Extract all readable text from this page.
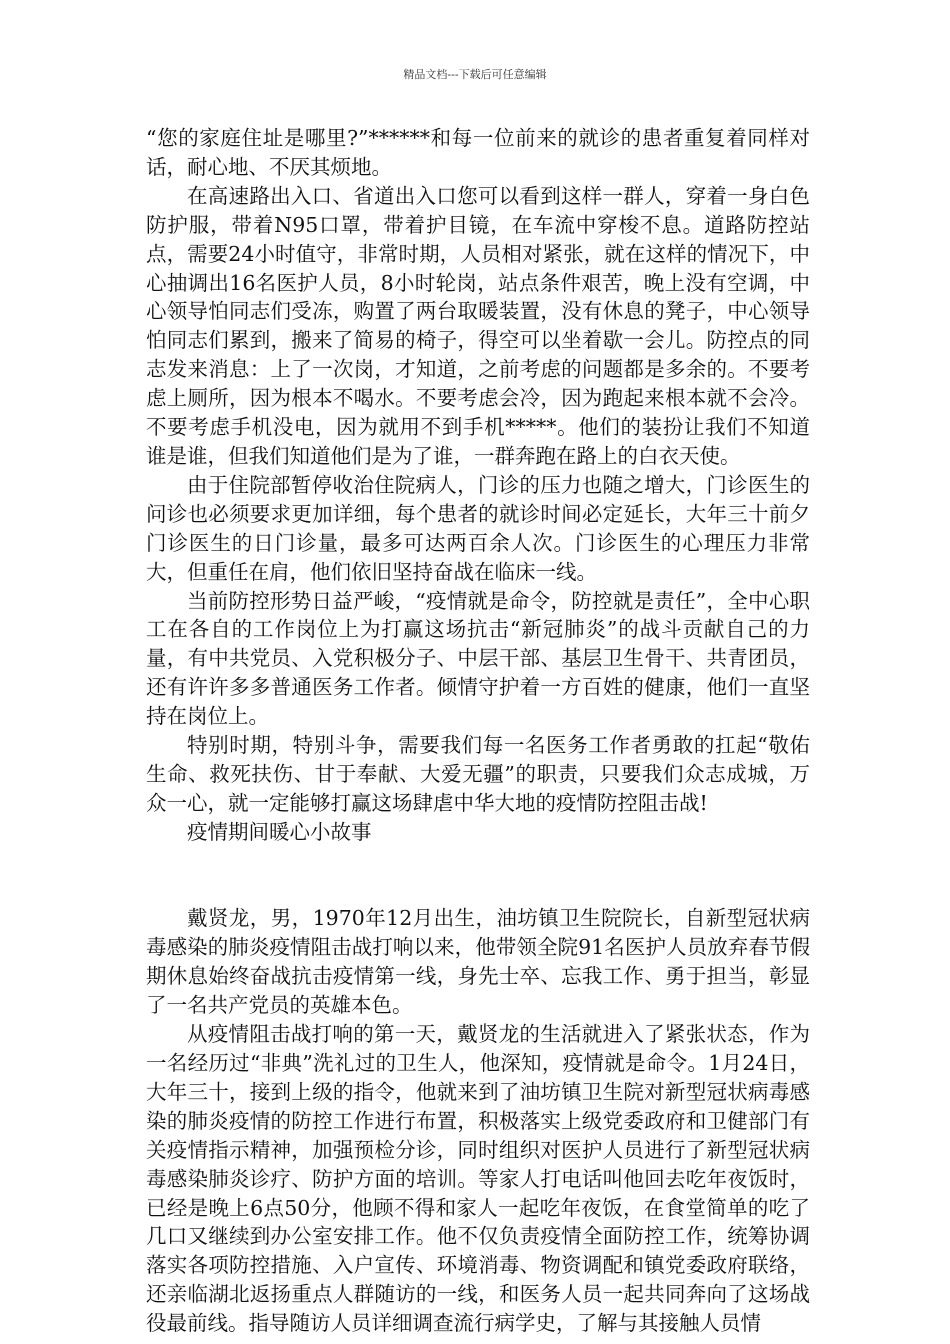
精品文档---下载后可任意编辑

“您的家庭住址是哪里?”******和每一位前来的就诊的患者重复着同样对话，耐心地、不厌其烦地。

在高速路出入口、省道出入口您可以看到这样一群人，穿着一身白色防护服，带着N95口罩，带着护目镜，在车流中穿梭不息。道路防控站点，需要24小时值守，非常时期，人员相对紧张，就在这样的情况下，中心抽调出16名医护人员，8小时轮岗，站点条件艰苦，晚上没有空调，中心领导怕同志们受冻，购置了两台取暖装置，没有休息的凳子，中心领导怕同志们累到，搬来了简易的椅子，得空可以坐着歇一会儿。防控点的同志发来消息：上了一次岗，才知道，之前考虑的问题都是多余的。不要考虑上厕所，因为根本不喝水。不要考虑会冷，因为跑起来根本就不会冷。不要考虑手机没电，因为就用不到手机*****。他们的装扮让我们不知道谁是谁，但我们知道他们是为了谁，一群奔跑在路上的白衣天使。

由于住院部暂停收治住院病人，门诊的压力也随之增大，门诊医生的问诊也必须要求更加详细，每个患者的就诊时间必定延长，大年三十前夕门诊医生的日门诊量，最多可达两百余人次。门诊医生的心理压力非常大，但重任在肩，他们依旧坚持奋战在临床一线。

当前防控形势日益严峻，“疫情就是命令，防控就是责任”，全中心职工在各自的工作岗位上为打赢这场抗击“新冠肺炎”的战斗贡献自己的力量，有中共党员、入党积极分子、中层干部、基层卫生骨干、共青团员，还有许许多多普通医务工作者。倾情守护着一方百姓的健康，他们一直坚持在岗位上。

特别时期，特别斗争，需要我们每一名医务工作者勇敢的扛起“敬佑生命、救死扶伤、甘于奉献、大爱无疆”的职责，只要我们众志成城，万众一心，就一定能够打赢这场肆虐中华大地的疫情防控阻击战!

疫情期间暖心小故事

戴贤龙，男，1970年12月出生，油坊镇卫生院院长，自新型冠状病毒感染的肺炎疫情阻击战打响以来，他带领全院91名医护人员放弃春节假期休息始终奋战抗击疫情第一线，身先士卒、忘我工作、勇于担当，彰显了一名共产党员的英雄本色。

从疫情阻击战打响的第一天，戴贤龙的生活就进入了紧张状态，作为一名经历过“非典”洗礼过的卫生人，他深知，疫情就是命令。1月24日，大年三十，接到上级的指令，他就来到了油坊镇卫生院对新型冠状病毒感染的肺炎疫情的防控工作进行布置，积极落实上级党委政府和卫健部门有关疫情指示精神，加强预检分诊，同时组织对医护人员进行了新型冠状病毒感染肺炎诊疗、防护方面的培训。等家人打电话叫他回去吃年夜饭时，已经是晚上6点50分，他顾不得和家人一起吃年夜饭，在食堂简单的吃了几口又继续到办公室安排工作。他不仅负责疫情全面防控工作，统筹协调落实各项防控措施、入户宣传、环境消毒、物资调配和镇党委政府联络，还亲临湖北返扬重点人群随访的一线，和医务人员一起共同奔向了这场战役最前线。指导随访人员详细调查流行病学史，了解与其接触人员情
